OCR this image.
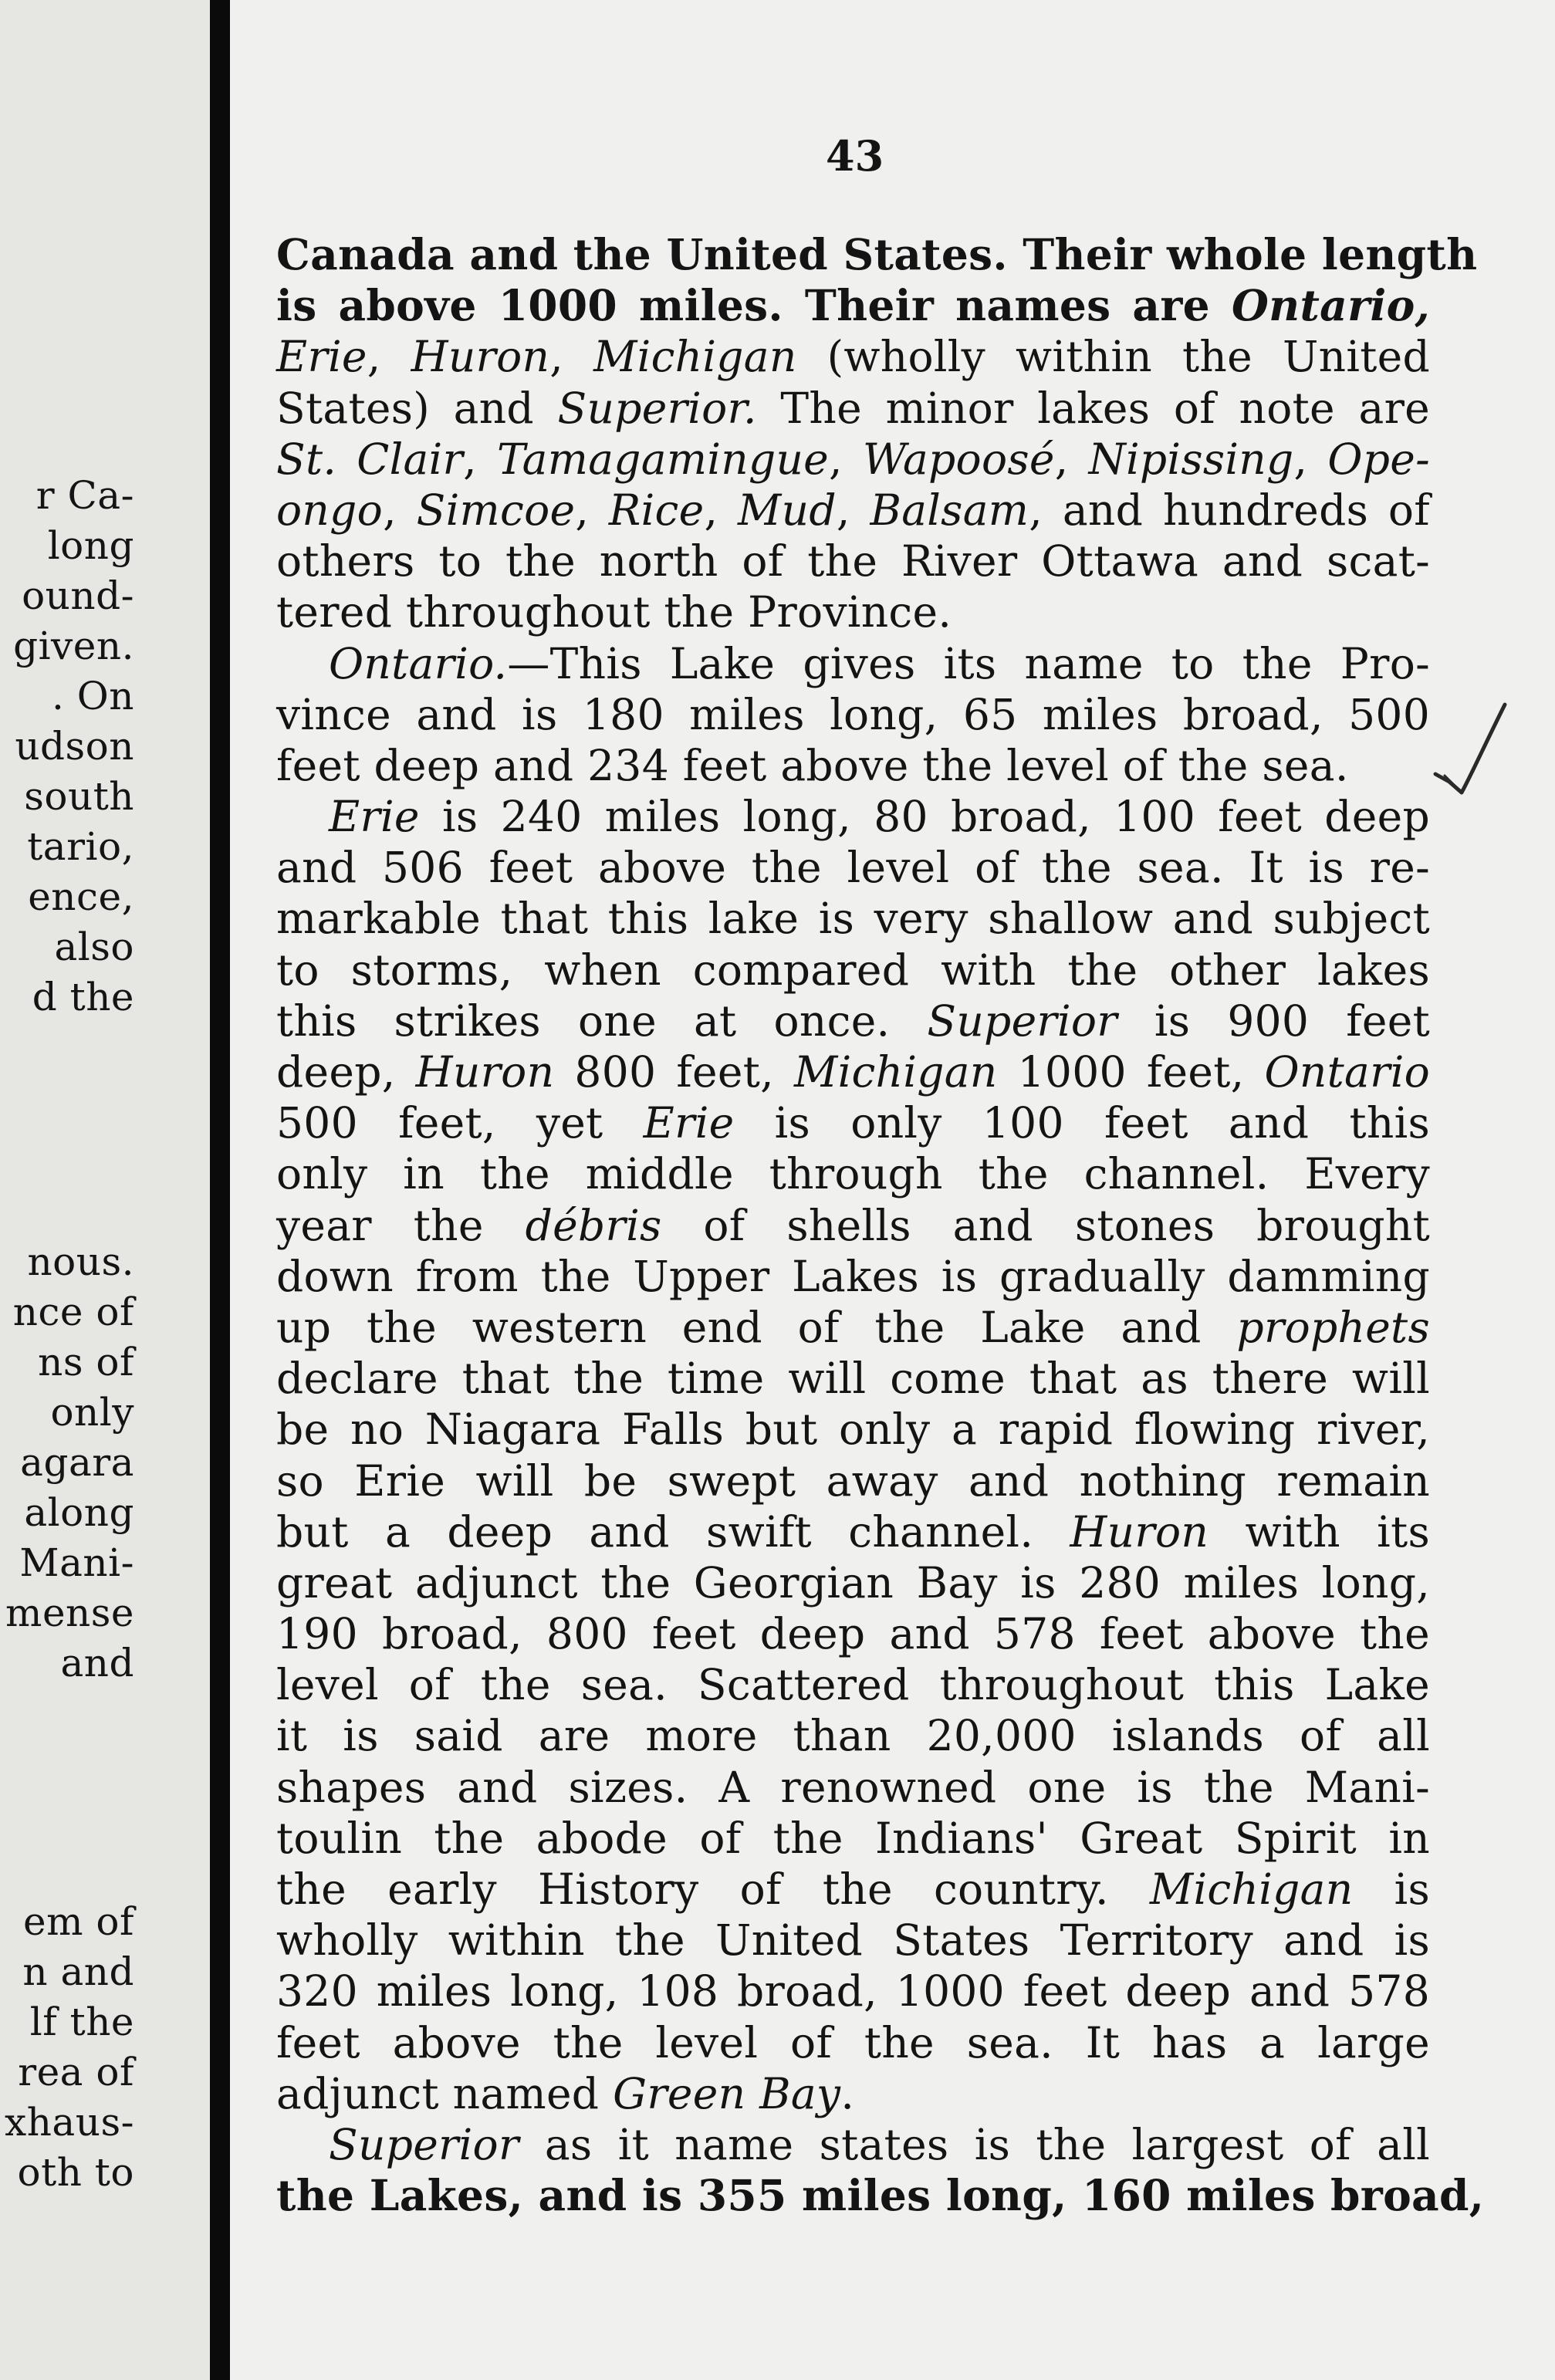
r Ca-
long
ound-
given.
. On
udson
south
tario,
ence,
also
d the
nous.
nce of
ns of
only
agara
along
Mani-
mense
and
em of
n and
lf the
rea of
xhaus-
oth to
43
Canada and the United States. Their whole length
is above 1000 miles. Their names are Ontario,
Erie, Huron, Michigan (wholly within the United
States) and Superior. The minor lakes of note are
St. Clair, Tamagamingue, Wapoosé, Nipissing, Ope-
ongo, Simcoe, Rice, Mud, Balsam, and hundreds of
others to the north of the River Ottawa and scat-
tered throughout the Province.
Ontario.—This Lake gives its name to the Pro-
vince and is 180 miles long, 65 miles broad, 500
feet deep and 234 feet above the level of the sea.
Erie is 240 miles long, 80 broad, 100 feet deep
and 506 feet above the level of the sea. It is re-
markable that this lake is very shallow and subject
to storms, when compared with the other lakes
this strikes one at once. Superior is 900 feet
deep, Huron 800 feet, Michigan 1000 feet, Ontario
500 feet, yet Erie is only 100 feet and this
only in the middle through the channel. Every
year the débris of shells and stones brought
down from the Upper Lakes is gradually damming
up the western end of the Lake and prophets
declare that the time will come that as there will
be no Niagara Falls but only a rapid flowing river,
so Erie will be swept away and nothing remain
but a deep and swift channel. Huron with its
great adjunct the Georgian Bay is 280 miles long,
190 broad, 800 feet deep and 578 feet above the
level of the sea. Scattered throughout this Lake
it is said are more than 20,000 islands of all
shapes and sizes. A renowned one is the Mani-
toulin the abode of the Indians' Great Spirit in
the early History of the country. Michigan is
wholly within the United States Territory and is
320 miles long, 108 broad, 1000 feet deep and 578
feet above the level of the sea. It has a large
adjunct named Green Bay.
Superior as it name states is the largest of all
the Lakes, and is 355 miles long, 160 miles broad,
